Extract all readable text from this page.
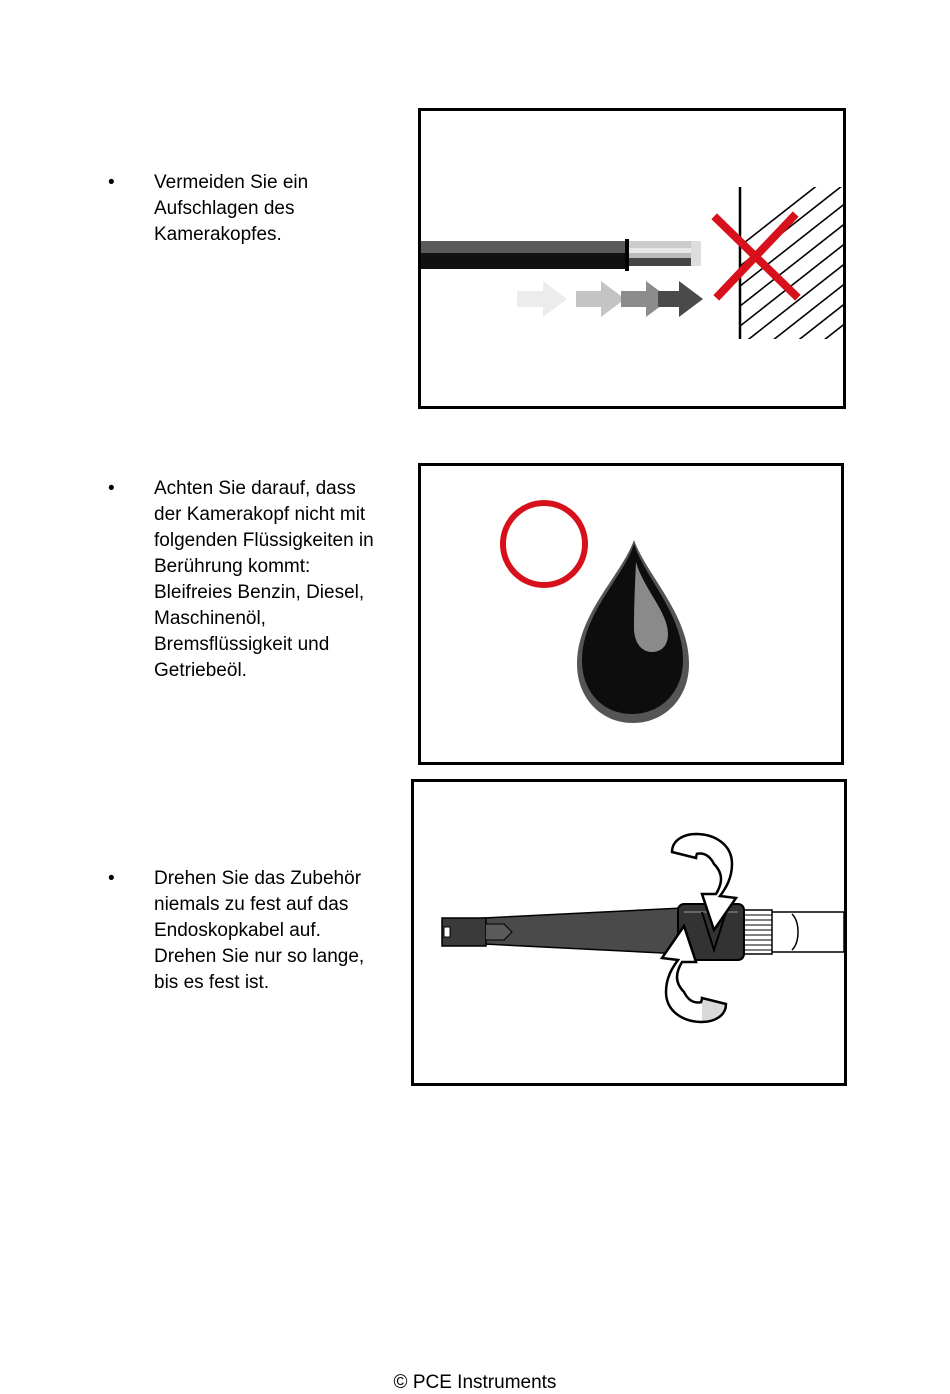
• Vermeiden Sie ein
Aufschlagen des
Kamerakopfes.
• Achten Sie darauf, dass
der Kamerakopf nicht mit
folgenden Flüssigkeiten in
Berührung kommt:
Bleifreies Benzin, Diesel,
Maschinenöl,
Bremsflüssigkeit und
Getriebeöl.
• Drehen Sie das Zubehör
niemals zu fest auf das
Endoskopkabel auf.
Drehen Sie nur so lange,
bis es fest ist.
© PCE Instruments
